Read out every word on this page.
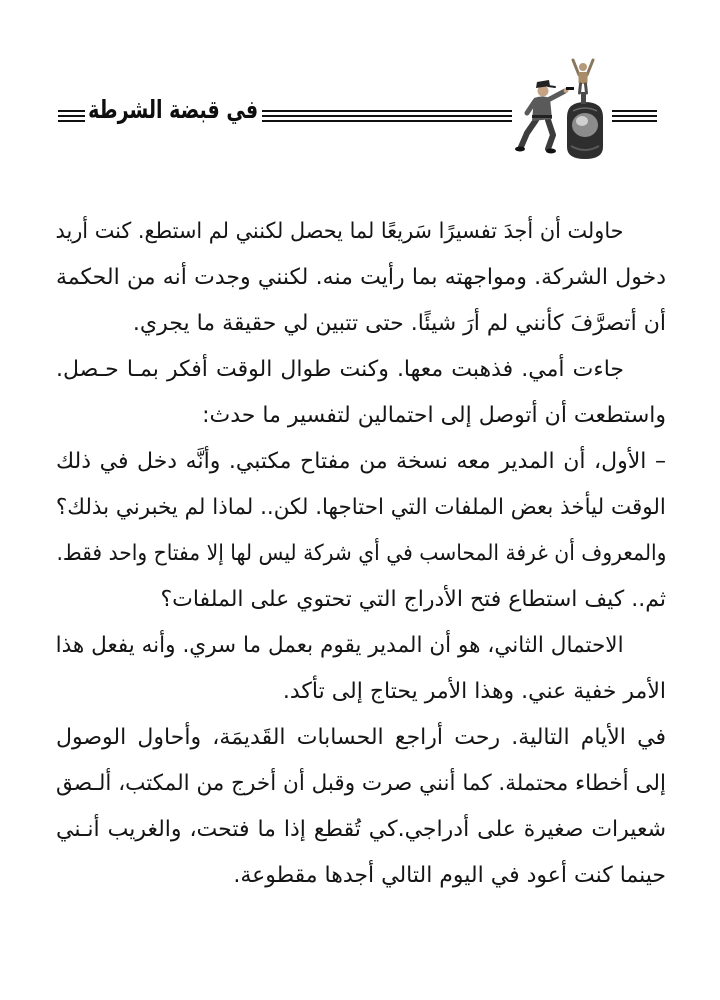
في قبضة الشرطة
حاولت أن أجدَ تفسيرًا سَريعًا لما يحصل لكنني لم استطع. كنت أريد
دخول الشركة. ومواجهته بما رأيت منه. لكنني وجدت أنه من الحكمة
أن أتصرَّفَ كأنني لم أرَ شيئًا. حتى تتبين لي حقيقة ما يجري.
جاءت أمي. فذهبت معها. وكنت طوال الوقت أفكر بمـا حـصل.
واستطعت أن أتوصل إلى احتمالين لتفسير ما حدث:
– الأول، أن المدير معه نسخة من مفتاح مكتبي. وأنَّه دخل في ذلك
الوقت ليأخذ بعض الملفات التي احتاجها. لكن.. لماذا لم يخبرني بذلك؟
والمعروف أن غرفة المحاسب في أي شركة ليس لها إلا مفتاح واحد فقط.
ثم.. كيف استطاع فتح الأدراج التي تحتوي على الملفات؟
الاحتمال الثاني، هو أن المدير يقوم بعمل ما سري. وأنه يفعل هذا
الأمر خفية عني. وهذا الأمر يحتاج إلى تأكد.
في الأيام التالية. رحت أراجع الحسابات القَديمَة، وأحاول الوصول
إلى أخطاء محتملة. كما أنني صرت وقبل أن أخرج من المكتب، ألـصق
شعيرات صغيرة على أدراجي.كي تُقطع إذا ما فتحت، والغريب أنـني
حينما كنت أعود في اليوم التالي أجدها مقطوعة.
